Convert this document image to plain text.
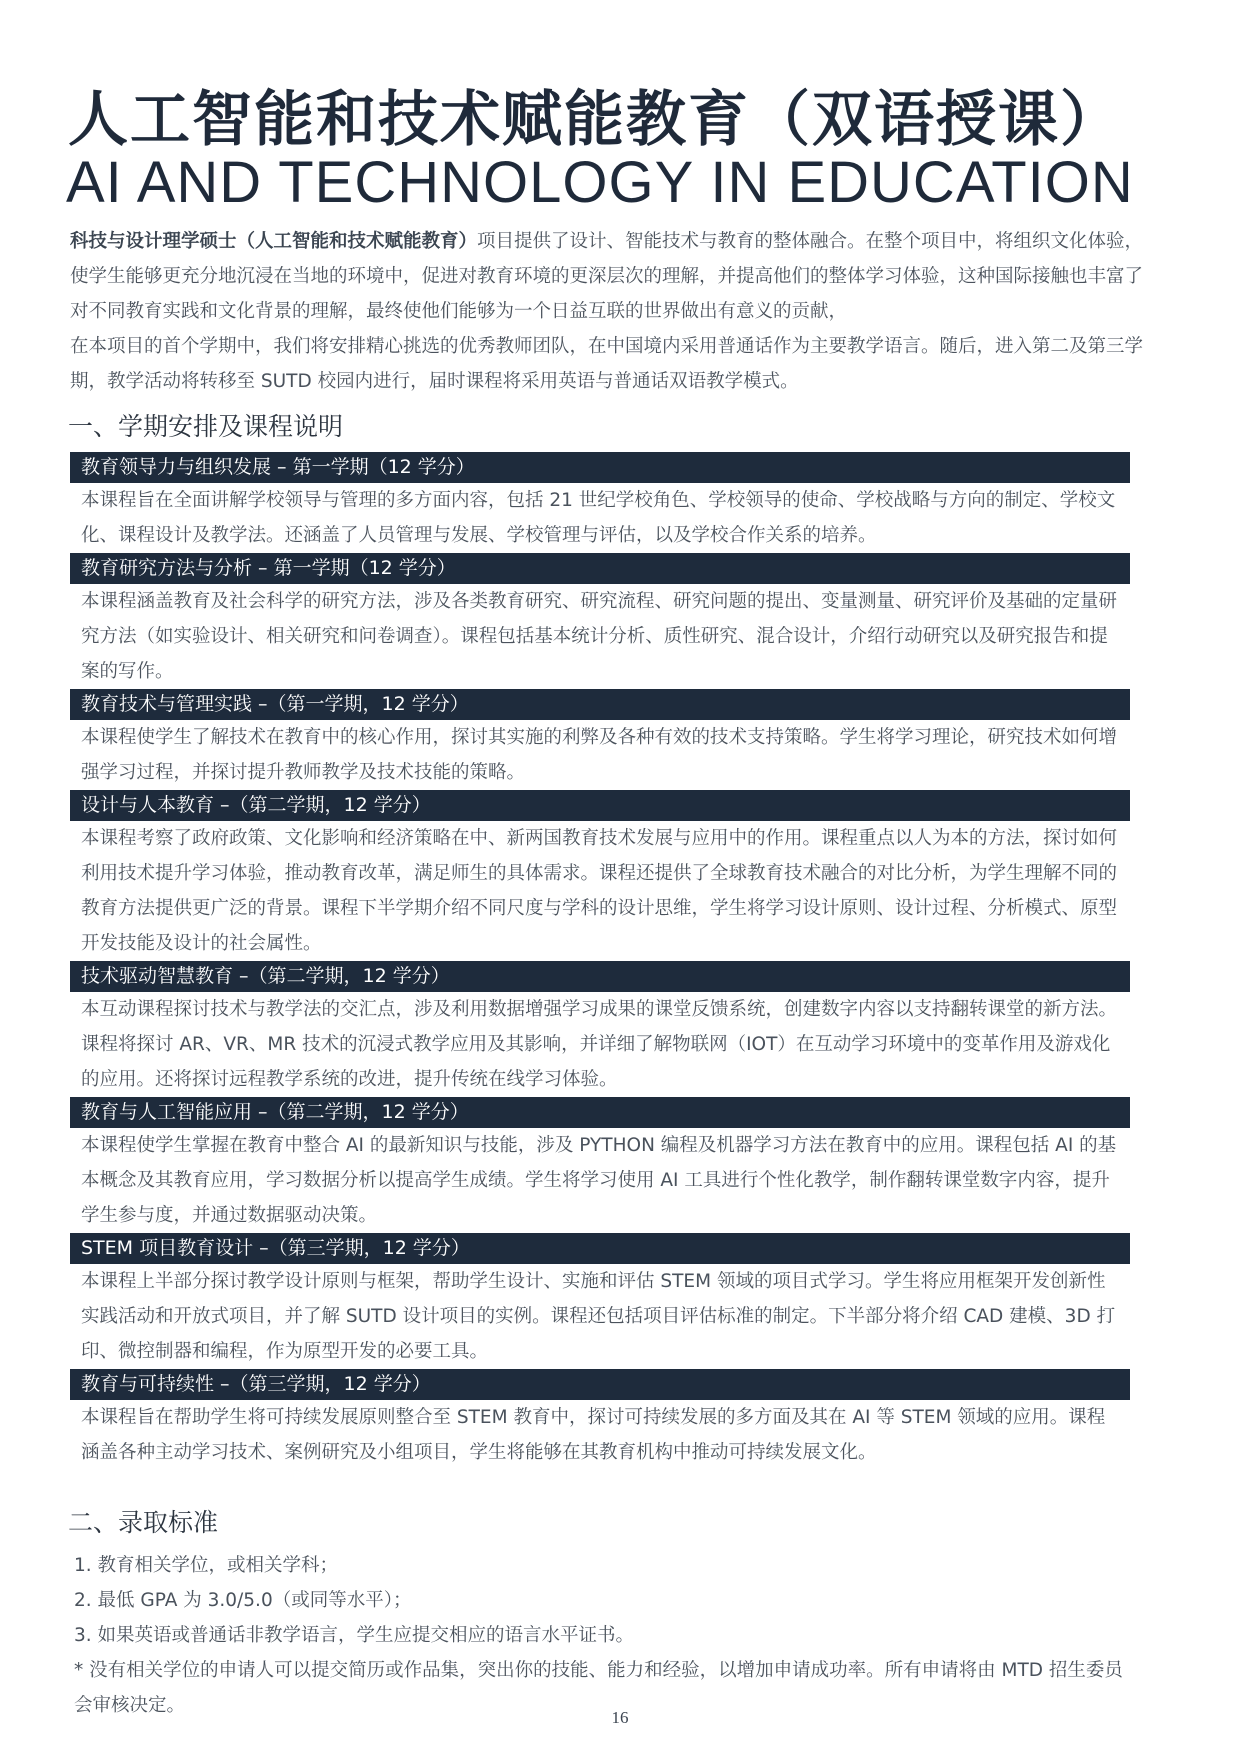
人工智能和技术赋能教育（双语授课）
AI AND TECHNOLOGY IN EDUCATION

科技与设计理学硕士（人工智能和技术赋能教育）项目提供了设计、智能技术与教育的整体融合。在整个项目中，将组织文化体验，使学生能够更充分地沉浸在当地的环境中，促进对教育环境的更深层次的理解，并提高他们的整体学习体验，这种国际接触也丰富了对不同教育实践和文化背景的理解，最终使他们能够为一个日益互联的世界做出有意义的贡献，

在本项目的首个学期中，我们将安排精心挑选的优秀教师团队，在中国境内采用普通话作为主要教学语言。随后，进入第二及第三学期，教学活动将转移至 SUTD 校园内进行，届时课程将采用英语与普通话双语教学模式。

一、学期安排及课程说明
教育领导力与组织发展 – 第一学期（12 学分）

本课程旨在全面讲解学校领导与管理的多方面内容，包括 21 世纪学校角色、学校领导的使命、学校战略与方向的制定、学校文化、课程设计及教学法。还涵盖了人员管理与发展、学校管理与评估，以及学校合作关系的培养。

教育研究方法与分析 – 第一学期（12 学分）

本课程涵盖教育及社会科学的研究方法，涉及各类教育研究、研究流程、研究问题的提出、变量测量、研究评价及基础的定量研究方法（如实验设计、相关研究和问卷调查）。课程包括基本统计分析、质性研究、混合设计，介绍行动研究以及研究报告和提案的写作。

教育技术与管理实践 –（第一学期，12 学分）

本课程使学生了解技术在教育中的核心作用，探讨其实施的利弊及各种有效的技术支持策略。学生将学习理论，研究技术如何增强学习过程，并探讨提升教师教学及技术技能的策略。

设计与人本教育 –（第二学期，12 学分）

本课程考察了政府政策、文化影响和经济策略在中、新两国教育技术发展与应用中的作用。课程重点以人为本的方法，探讨如何利用技术提升学习体验，推动教育改革，满足师生的具体需求。课程还提供了全球教育技术融合的对比分析，为学生理解不同的教育方法提供更广泛的背景。课程下半学期介绍不同尺度与学科的设计思维，学生将学习设计原则、设计过程、分析模式、原型开发技能及设计的社会属性。

技术驱动智慧教育 –（第二学期，12 学分）

本互动课程探讨技术与教学法的交汇点，涉及利用数据增强学习成果的课堂反馈系统，创建数字内容以支持翻转课堂的新方法。课程将探讨 AR、VR、MR 技术的沉浸式教学应用及其影响，并详细了解物联网（IOT）在互动学习环境中的变革作用及游戏化的应用。还将探讨远程教学系统的改进，提升传统在线学习体验。

教育与人工智能应用 –（第二学期，12 学分）

本课程使学生掌握在教育中整合 AI 的最新知识与技能，涉及 PYTHON 编程及机器学习方法在教育中的应用。课程包括 AI 的基本概念及其教育应用，学习数据分析以提高学生成绩。学生将学习使用 AI 工具进行个性化教学，制作翻转课堂数字内容，提升学生参与度，并通过数据驱动决策。

STEM 项目教育设计 –（第三学期，12 学分）

本课程上半部分探讨教学设计原则与框架，帮助学生设计、实施和评估 STEM 领域的项目式学习。学生将应用框架开发创新性实践活动和开放式项目，并了解 SUTD 设计项目的实例。课程还包括项目评估标准的制定。下半部分将介绍 CAD 建模、3D 打印、微控制器和编程，作为原型开发的必要工具。

教育与可持续性 –（第三学期，12 学分）

本课程旨在帮助学生将可持续发展原则整合至 STEM 教育中，探讨可持续发展的多方面及其在 AI 等 STEM 领域的应用。课程涵盖各种主动学习技术、案例研究及小组项目，学生将能够在其教育机构中推动可持续发展文化。

二、录取标准

1. 教育相关学位，或相关学科；

2. 最低 GPA 为 3.0/5.0（或同等水平）；

3. 如果英语或普通话非教学语言，学生应提交相应的语言水平证书。

* 没有相关学位的申请人可以提交简历或作品集，突出你的技能、能力和经验，以增加申请成功率。所有申请将由 MTD 招生委员会审核决定。

16
